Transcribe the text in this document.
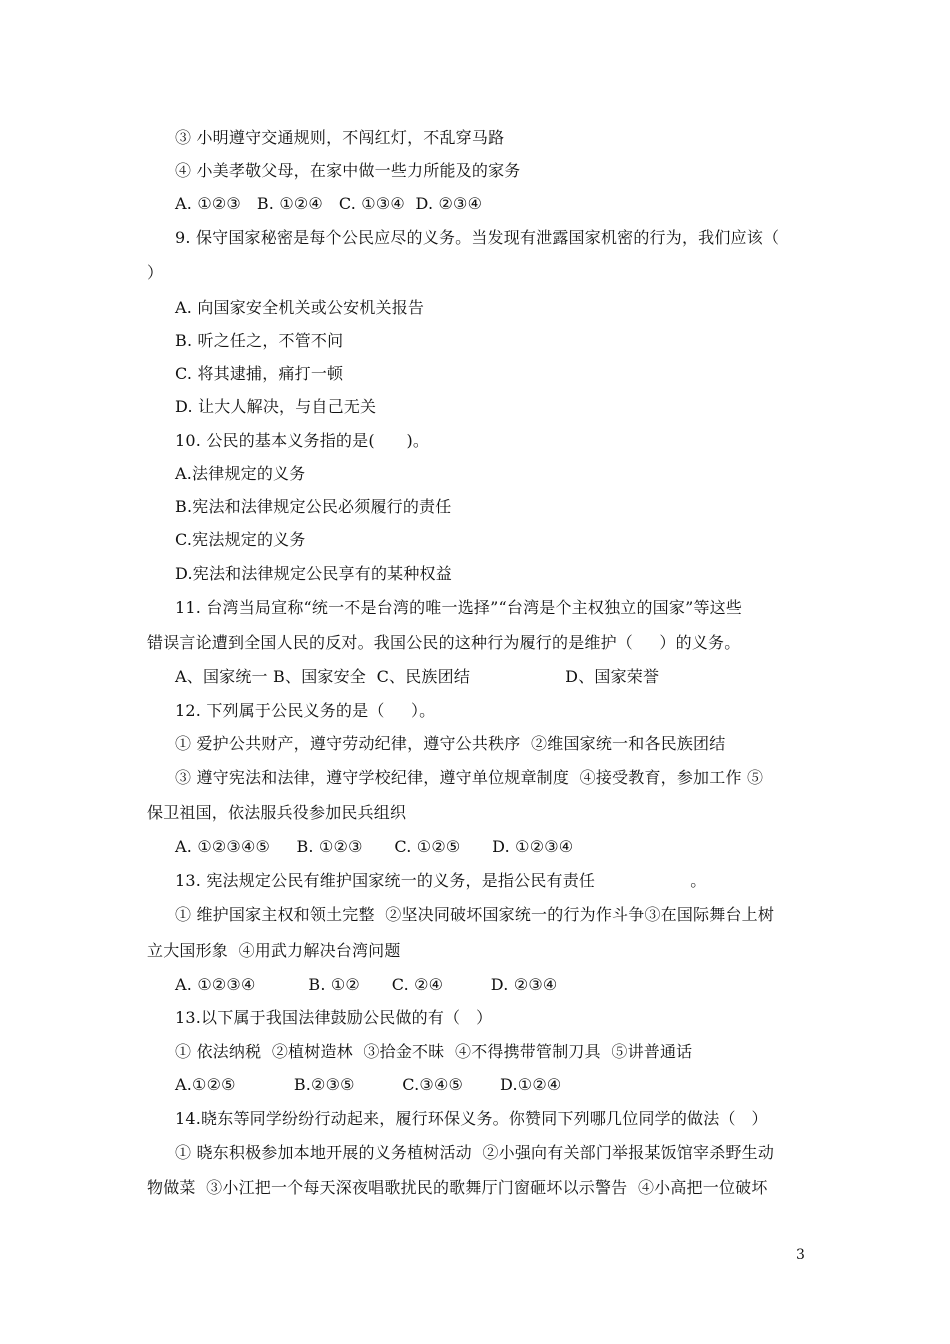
③ 小明遵守交通规则，不闯红灯，不乱穿马路
④ 小美孝敬父母，在家中做一些力所能及的家务
A. ①②③   B. ①②④   C. ①③④  D. ②③④
9. 保守国家秘密是每个公民应尽的义务。当发现有泄露国家机密的行为，我们应该（
）
A. 向国家安全机关或公安机关报告
B. 听之任之，不管不问
C. 将其逮捕，痛打一顿
D. 让大人解决，与自己无关
10. 公民的基本义务指的是(      )。
A.法律规定的义务
B.宪法和法律规定公民必须履行的责任
C.宪法规定的义务
D.宪法和法律规定公民享有的某种权益
11. 台湾当局宣称“统一不是台湾的唯一选择”“台湾是个主权独立的国家”等这些
错误言论遭到全国人民的反对。我国公民的这种行为履行的是维护（     ）的义务。
A、国家统一 B、国家安全  C、民族团结                  D、国家荣誉
12. 下列属于公民义务的是（     ）。
① 爱护公共财产，遵守劳动纪律，遵守公共秩序  ②维国家统一和各民族团结
③ 遵守宪法和法律，遵守学校纪律，遵守单位规章制度  ④接受教育，参加工作 ⑤
保卫祖国，依法服兵役参加民兵组织
A. ①②③④⑤     B. ①②③      C. ①②⑤      D. ①②③④
13. 宪法规定公民有维护国家统一的义务，是指公民有责任                  。
① 维护国家主权和领土完整  ②坚决同破坏国家统一的行为作斗争③在国际舞台上树
立大国形象  ④用武力解决台湾问题
A. ①②③④          B. ①②      C. ②④         D. ②③④
13.以下属于我国法律鼓励公民做的有（   ）
① 依法纳税  ②植树造林  ③拾金不昧  ④不得携带管制刀具  ⑤讲普通话
A.①②⑤           B.②③⑤         C.③④⑤       D.①②④
14.晓东等同学纷纷行动起来，履行环保义务。你赞同下列哪几位同学的做法（   ）
① 晓东积极参加本地开展的义务植树活动  ②小强向有关部门举报某饭馆宰杀野生动
物做菜  ③小江把一个每天深夜唱歌扰民的歌舞厅门窗砸坏以示警告  ④小高把一位破坏
3
